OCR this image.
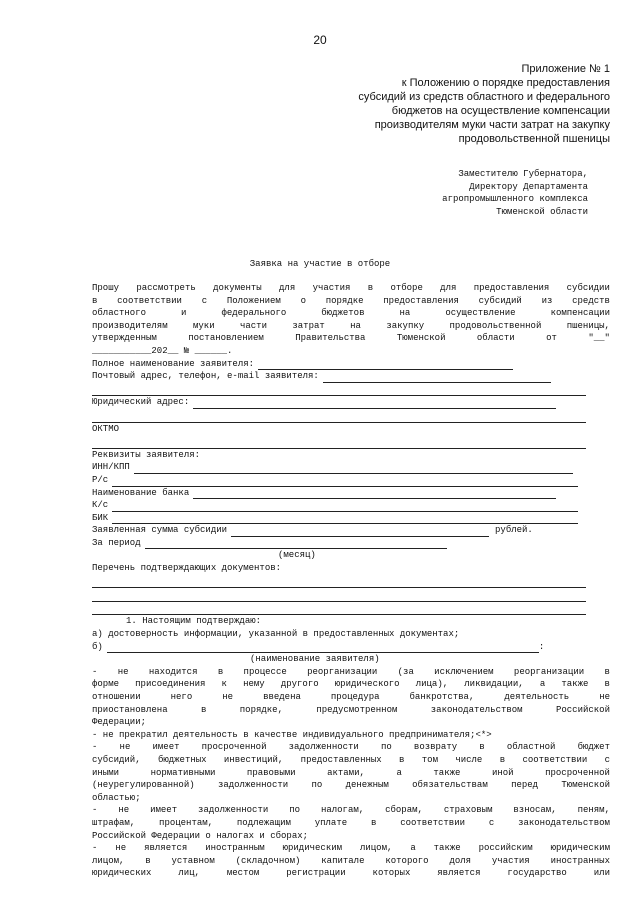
20
Приложение № 1
к Положению о порядке предоставления
субсидий из средств областного и федерального
бюджетов на осуществление компенсации
производителям муки части затрат на закупку
продовольственной пшеницы
Заместителю Губернатора,
Директору Департамента
агропромышленного комплекса
Тюменской области
Заявка на участие в отборе
Прошу рассмотреть документы для участия в отборе для предоставления субсидии
в соответствии с Положением о порядке предоставления субсидий из средств
областного	и	федерального	бюджетов	на	осуществление	компенсации
производителям	муки	части	затрат	на	закупку	продовольственной	пшеницы,
утвержденным	постановлением	Правительства	Тюменской	области	от	"__"
___________202__ № ______.
Полное наименование заявителя:
Почтовый адрес, телефон, e-mail заявителя:
Юридический адрес:
ОКТМО
Реквизиты заявителя:
ИНН/КПП
Р/с
Наименование банка
К/с
БИК
Заявленная сумма субсидии	рублей.
За период
(месяц)
Перечень подтверждающих документов:
1. Настоящим подтверждаю:
а) достоверность информации, указанной в предоставленных документах;
б)	:
(наименование заявителя)
- не находится в процессе реорганизации (за исключением реорганизации в
форме присоединения к нему другого юридического лица), ликвидации, а также в
отношении	него	не	введена	процедура	банкротства,	деятельность	не
приостановлена	в	порядке,	предусмотренном	законодательством	Российской
Федерации;
- не прекратил деятельность в качестве индивидуального предпринимателя;<*>
- не имеет просроченной задолженности по возврату в областной бюджет
субсидий, бюджетных инвестиций, предоставленных в том числе в соответствии с
иными	нормативными	правовыми	актами,	а	также	иной	просроченной
(неурегулированной)	задолженности	по	денежным	обязательствам	перед	Тюменской
областью;
- не имеет задолженности по налогам, сборам, страховым взносам, пеням,
штрафам,	процентам,	подлежащим	уплате	в	соответствии	с	законодательством
Российской Федерации о налогах и сборах;
- не является иностранным юридическим лицом, а также российским юридическим
лицом, в уставном (складочном) капитале которого доля участия иностранных
юридических	лиц,	местом	регистрации	которых	является	государство	или
